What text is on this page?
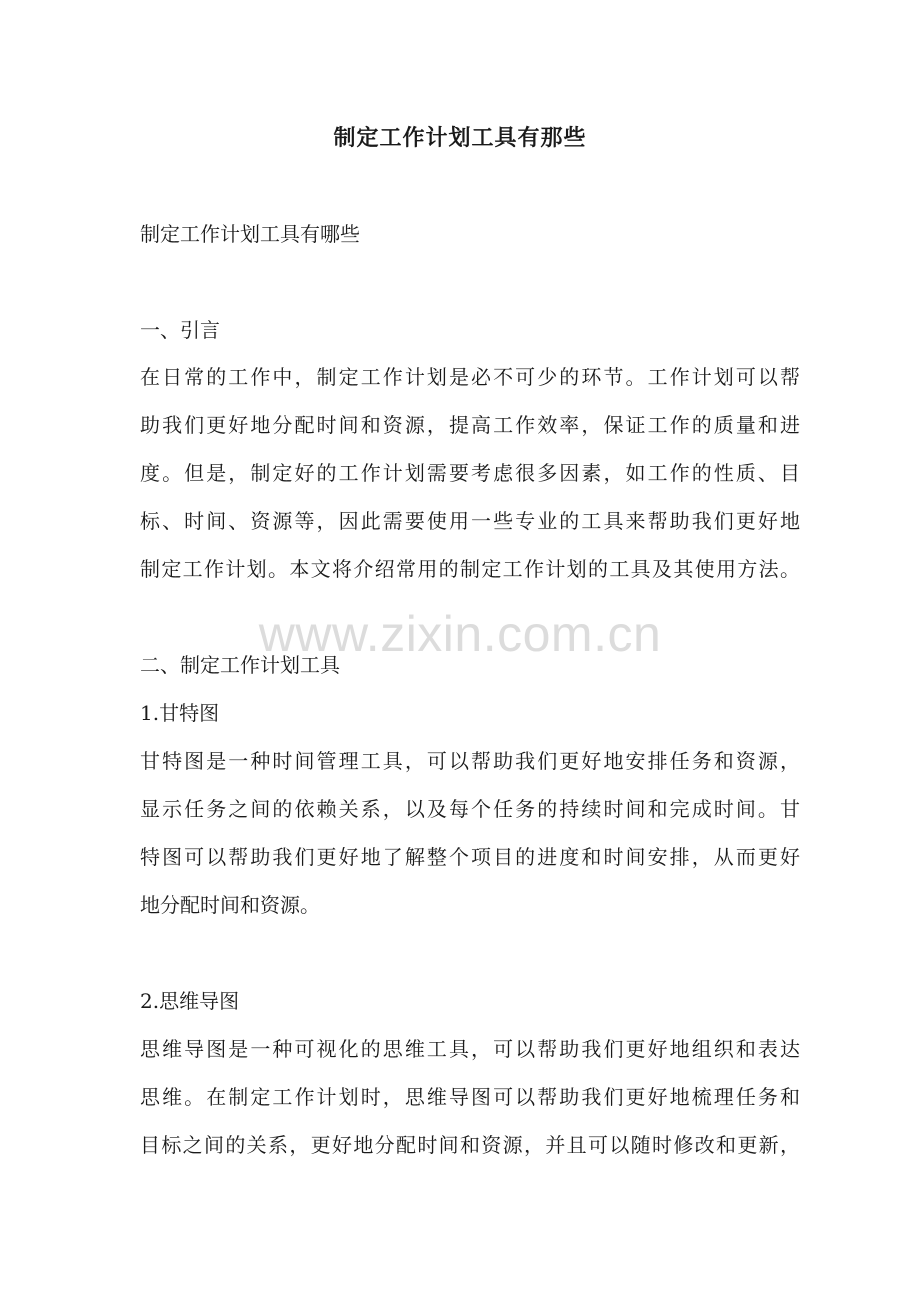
制定工作计划工具有那些
制定工作计划工具有哪些
一、引言
在日常的工作中，制定工作计划是必不可少的环节。工作计划可以帮
助我们更好地分配时间和资源，提高工作效率，保证工作的质量和进
度。但是，制定好的工作计划需要考虑很多因素，如工作的性质、目
标、时间、资源等，因此需要使用一些专业的工具来帮助我们更好地
制定工作计划。本文将介绍常用的制定工作计划的工具及其使用方法。
www.zixin.com.cn
二、制定工作计划工具
1.甘特图
甘特图是一种时间管理工具，可以帮助我们更好地安排任务和资源，
显示任务之间的依赖关系，以及每个任务的持续时间和完成时间。甘
特图可以帮助我们更好地了解整个项目的进度和时间安排，从而更好
地分配时间和资源。
2.思维导图
思维导图是一种可视化的思维工具，可以帮助我们更好地组织和表达
思维。在制定工作计划时，思维导图可以帮助我们更好地梳理任务和
目标之间的关系，更好地分配时间和资源，并且可以随时修改和更新，
